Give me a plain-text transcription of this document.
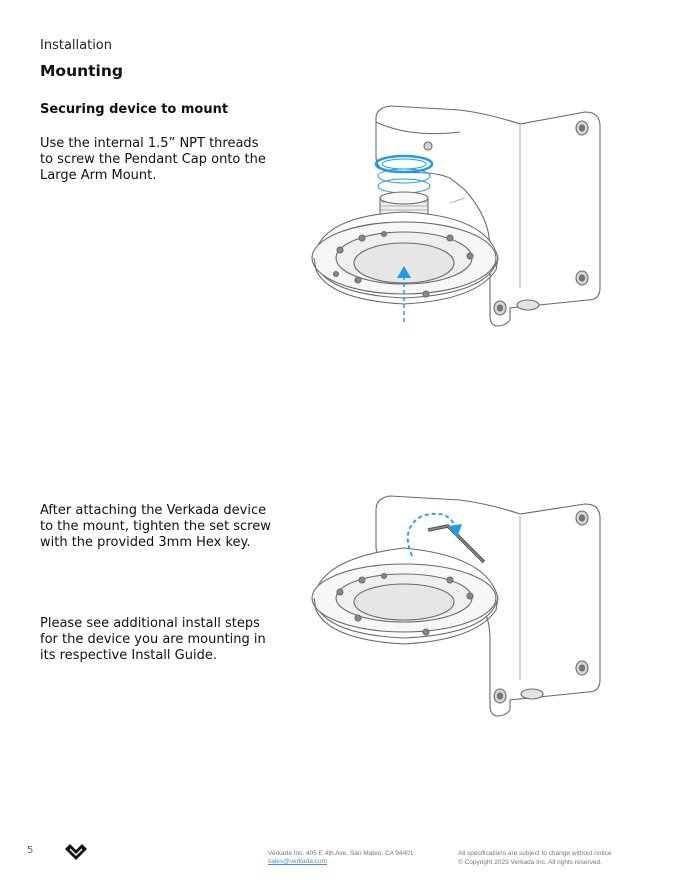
Installation
Mounting
Securing device to mount
Use the internal 1.5” NPT threads to screw the Pendant Cap onto the Large Arm Mount.
After attaching the Verkada device to the mount, tighten the set screw with the provided 3mm Hex key.
Please see additional install steps for the device you are mounting in its respective Install Guide.
5	Verkada Inc. 405 E 4th Ave, San Mateo, CA 94401
sales@verkada.com
All specifications are subject to change without notice
© Copyright 2023 Verkada Inc. All rights reserved.
